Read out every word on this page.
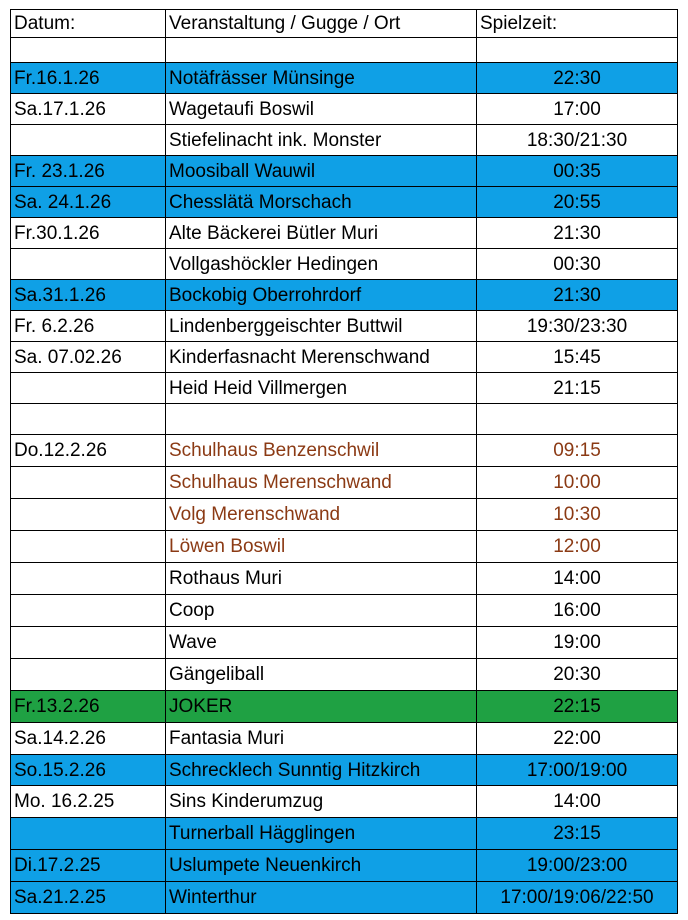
Datum:	Veranstaltung / Gugge / Ort	Spielzeit:

Fr.16.1.26	Notäfrässer Münsinge	22:30
Sa.17.1.26	Wagetaufi Boswil	17:00
	Stiefelinacht ink. Monster	18:30/21:30
Fr. 23.1.26	Moosiball Wauwil	00:35
Sa. 24.1.26	Chesslätä Morschach	20:55
Fr.30.1.26	Alte Bäckerei Bütler Muri	21:30
	Vollgashöckler Hedingen	00:30
Sa.31.1.26	Bockobig Oberrohrdorf	21:30
Fr. 6.2.26	Lindenberggeischter Buttwil	19:30/23:30
Sa. 07.02.26	Kinderfasnacht Merenschwand	15:45
	Heid Heid Villmergen	21:15

Do.12.2.26	Schulhaus Benzenschwil	09:15
	Schulhaus Merenschwand	10:00
	Volg Merenschwand	10:30
	Löwen Boswil	12:00
	Rothaus Muri	14:00
	Coop	16:00
	Wave	19:00
	Gängeliball	20:30
Fr.13.2.26	JOKER	22:15
Sa.14.2.26	Fantasia Muri	22:00
So.15.2.26	Schrecklech Sunntig Hitzkirch	17:00/19:00
Mo. 16.2.25	Sins Kinderumzug	14:00
	Turnerball Hägglingen	23:15
Di.17.2.25	Uslumpete Neuenkirch	19:00/23:00
Sa.21.2.25	Winterthur	17:00/19:06/22:50
